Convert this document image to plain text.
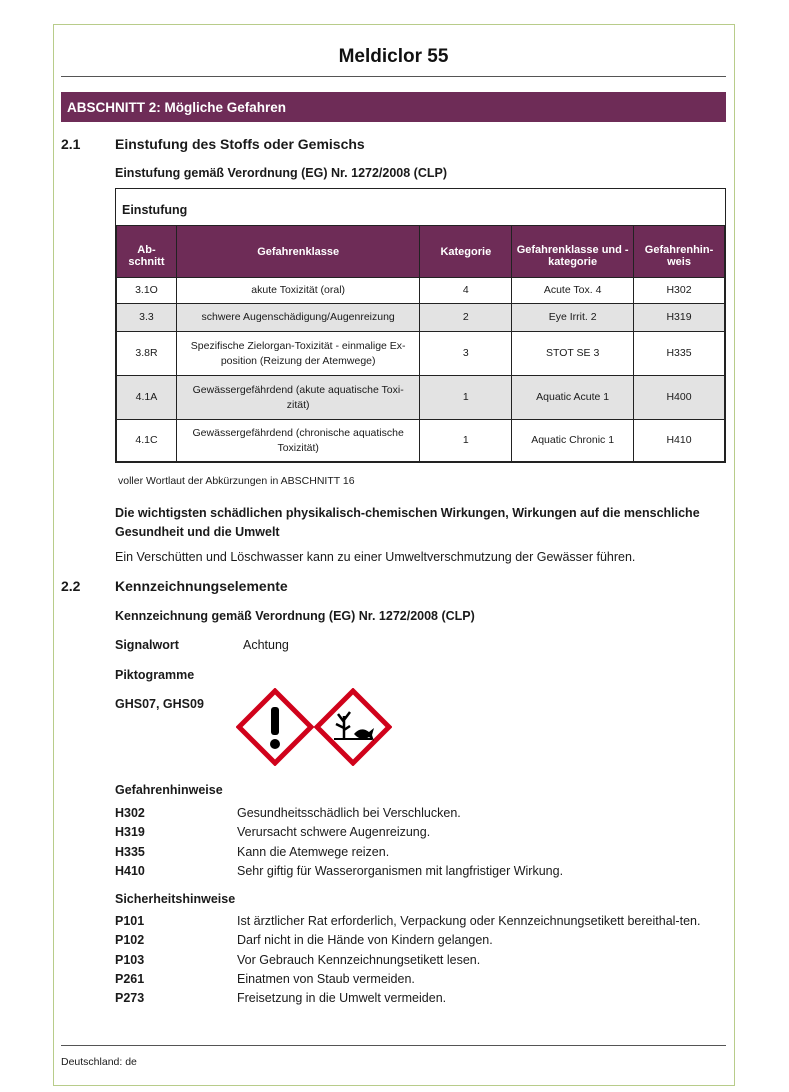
Meldiclor 55
ABSCHNITT 2: Mögliche Gefahren
2.1 Einstufung des Stoffs oder Gemischs
Einstufung gemäß Verordnung (EG) Nr. 1272/2008 (CLP)
Einstufung
Ab-
schnitt	Gefahrenklasse	Kategorie	Gefahrenklasse und -kategorie	Gefahrenhin-weis
3.1O	akute Toxizität (oral)	4	Acute Tox. 4	H302
3.3	schwere Augenschädigung/Augenreizung	2	Eye Irrit. 2	H319
3.8R	Spezifische Zielorgan-Toxizität - einmalige Ex-position (Reizung der Atemwege)	3	STOT SE 3	H335
4.1A	Gewässergefährdend (akute aquatische Toxi-zität)	1	Aquatic Acute 1	H400
4.1C	Gewässergefährdend (chronische aquatische Toxizität)	1	Aquatic Chronic 1	H410
voller Wortlaut der Abkürzungen in ABSCHNITT 16
Die wichtigsten schädlichen physikalisch-chemischen Wirkungen, Wirkungen auf die menschliche Gesundheit und die Umwelt
Ein Verschütten und Löschwasser kann zu einer Umweltverschmutzung der Gewässer führen.
2.2 Kennzeichnungselemente
Kennzeichnung gemäß Verordnung (EG) Nr. 1272/2008 (CLP)
Signalwort	Achtung
Piktogramme
GHS07, GHS09
Gefahrenhinweise
H302	Gesundheitsschädlich bei Verschlucken.
H319	Verursacht schwere Augenreizung.
H335	Kann die Atemwege reizen.
H410	Sehr giftig für Wasserorganismen mit langfristiger Wirkung.
Sicherheitshinweise
P101	Ist ärztlicher Rat erforderlich, Verpackung oder Kennzeichnungsetikett bereithal-ten.
P102	Darf nicht in die Hände von Kindern gelangen.
P103	Vor Gebrauch Kennzeichnungsetikett lesen.
P261	Einatmen von Staub vermeiden.
P273	Freisetzung in die Umwelt vermeiden.
Deutschland: de
